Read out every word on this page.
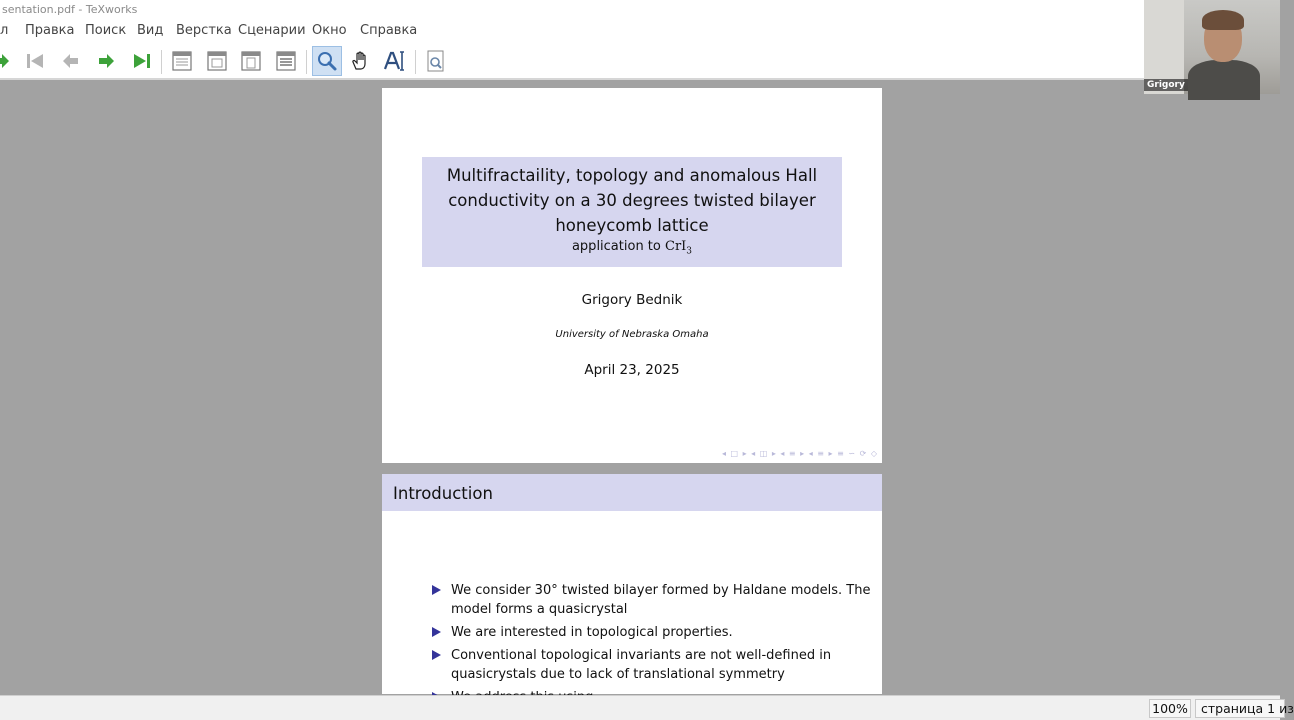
sentation.pdf - TeXworks
л Правка Поиск Вид Верстка Сценарии Окно Справка
Grigory
Multifractaility, topology and anomalous Hall conductivity on a 30 degrees twisted bilayer honeycomb lattice
application to CrI$_3$
Grigory Bednik
University of Nebraska Omaha
April 23, 2025
◂ □ ▸ ◂ ◫ ▸ ◂ ≡ ▸ ◂ ≡ ▸ ≡ ∽ ⟳ ◇
Introduction
We consider 30° twisted bilayer formed by Haldane models. The model forms a quasicrystal
We are interested in topological properties.
Conventional topological invariants are not well-defined in quasicrystals due to lack of translational symmetry
100%	страница 1 из
